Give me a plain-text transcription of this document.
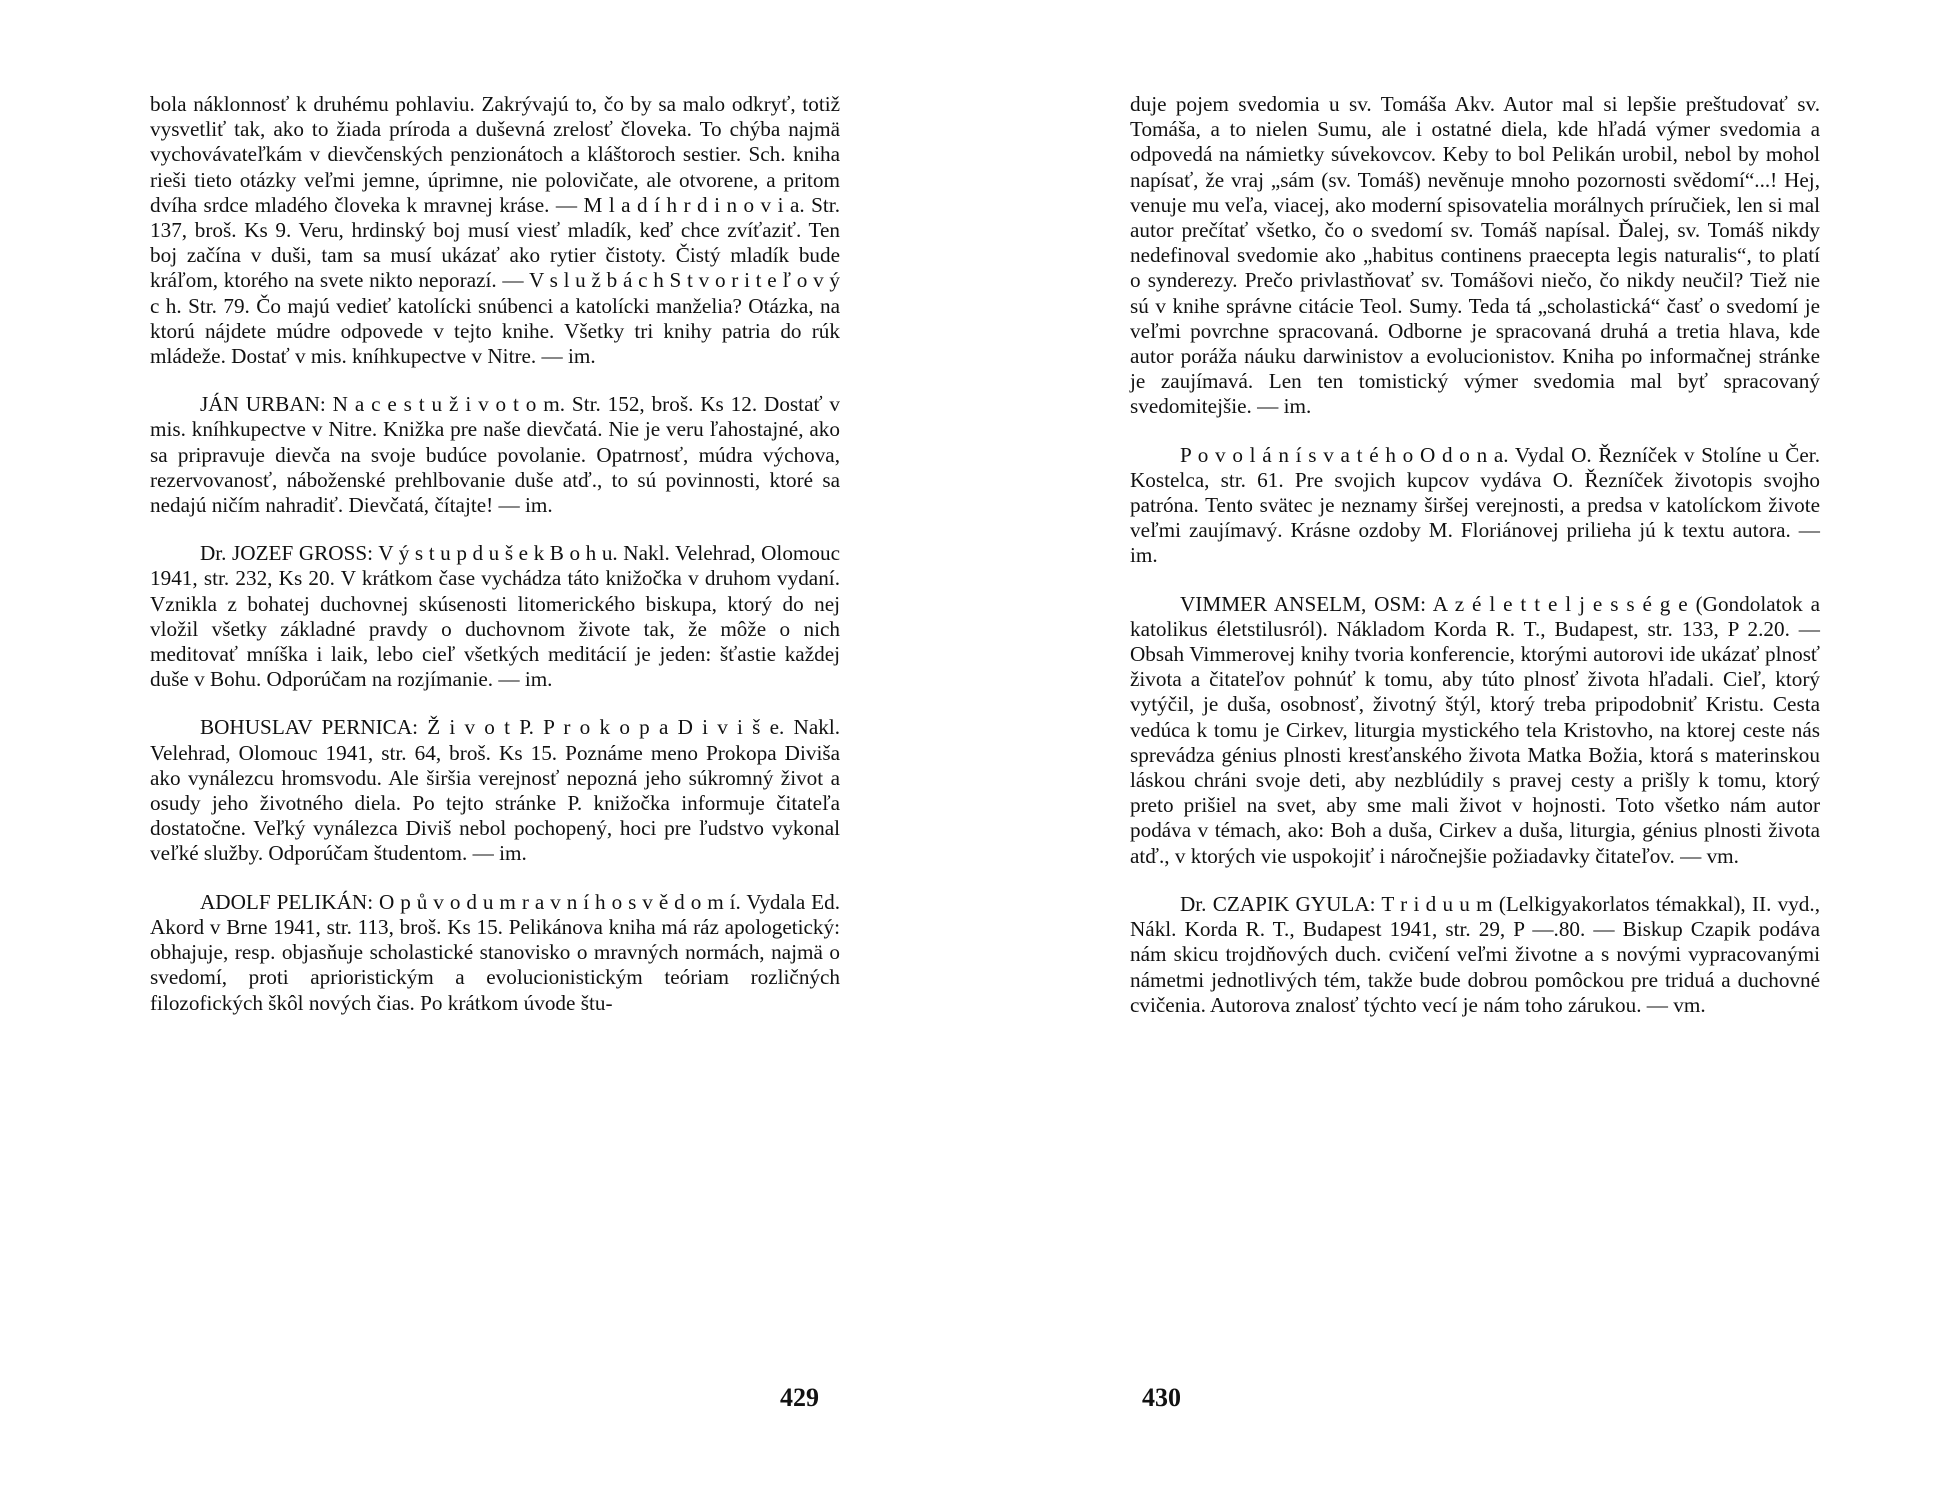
bola náklonnosť k druhému pohlaviu. Zakrývajú to, čo by sa malo odkryť, totiž vysvetliť tak, ako to žiada príroda a duševná zrelosť človeka. To chýba najmä vychovávateľkám v dievčenských penzionátoch a kláštoroch sestier. Sch. kniha rieši tieto otázky veľmi jemne, úprimne, nie polovičate, ale otvorene, a pritom dvíha srdce mladého človeka k mravnej kráse. — M l a d í h r d i n o v i a. Str. 137, broš. Ks 9. Veru, hrdinský boj musí viesť mladík, keď chce zvíťaziť. Ten boj začína v duši, tam sa musí ukázať ako rytier čistoty. Čistý mladík bude kráľom, ktorého na svete nikto neporazí. — V s l u ž b á c h S t v o r i t e ľ o v ý c h. Str. 79. Čo majú vedieť katolícki snúbenci a katolícki manželia? Otázka, na ktorú nájdete múdre odpovede v tejto knihe. Všetky tri knihy patria do rúk mládeže. Dostať v mis. kníhkupectve v Nitre. — im.

JÁN URBAN: N a c e s t u ž i v o t o m. Str. 152, broš. Ks 12. Dostať v mis. kníhkupectve v Nitre. Knižka pre naše dievčatá. Nie je veru ľahostajné, ako sa pripravuje dievča na svoje budúce povolanie. Opatrnosť, múdra výchova, rezervovanosť, náboženské prehlbovanie duše atď., to sú povinnosti, ktoré sa nedajú ničím nahradiť. Dievčatá, čítajte! — im.

Dr. JOZEF GROSS: V ý s t u p d u š e k B o h u. Nakl. Velehrad, Olomouc 1941, str. 232, Ks 20. V krátkom čase vychádza táto knižočka v druhom vydaní. Vznikla z bohatej duchovnej skúsenosti litomerického biskupa, ktorý do nej vložil všetky základné pravdy o duchovnom živote tak, že môže o nich meditovať mníška i laik, lebo cieľ všetkých meditácií je jeden: šťastie každej duše v Bohu. Odporúčam na rozjímanie. — im.

BOHUSLAV PERNICA: Ž i v o t P. P r o k o p a D i v i š e. Nakl. Velehrad, Olomouc 1941, str. 64, broš. Ks 15. Poznáme meno Prokopa Diviša ako vynálezcu hromsvodu. Ale širšia verejnosť nepozná jeho súkromný život a osudy jeho životného diela. Po tejto stránke P. knižočka informuje čitateľa dostatočne. Veľký vynálezca Diviš nebol pochopený, hoci pre ľudstvo vykonal veľké služby. Odporúčam študentom. — im.

ADOLF PELIKÁN: O p ů v o d u m r a v n í h o s v ě d o m í. Vydala Ed. Akord v Brne 1941, str. 113, broš. Ks 15. Pelikánova kniha má ráz apologetický: obhajuje, resp. objasňuje scholastické stanovisko o mravných normách, najmä o svedomí, proti aprioristickým a evolucionistickým teóriam rozličných filozofických škôl nových čias. Po krátkom úvode štu-

duje pojem svedomia u sv. Tomáša Akv. Autor mal si lepšie preštudovať sv. Tomáša, a to nielen Sumu, ale i ostatné diela, kde hľadá výmer svedomia a odpovedá na námietky súvekovcov. Keby to bol Pelikán urobil, nebol by mohol napísať, že vraj „sám (sv. Tomáš) nevěnuje mnoho pozornosti svědomí“...! Hej, venuje mu veľa, viacej, ako moderní spisovatelia morálnych príručiek, len si mal autor prečítať všetko, čo o svedomí sv. Tomáš napísal. Ďalej, sv. Tomáš nikdy nedefinoval svedomie ako „habitus continens praecepta legis naturalis“, to platí o synderezy. Prečo privlastňovať sv. Tomášovi niečo, čo nikdy neučil? Tiež nie sú v knihe správne citácie Teol. Sumy. Teda tá „scholastická“ časť o svedomí je veľmi povrchne spracovaná. Odborne je spracovaná druhá a tretia hlava, kde autor poráža náuku darwinistov a evolucionistov. Kniha po informačnej stránke je zaujímavá. Len ten tomistický výmer svedomia mal byť spracovaný svedomitejšie. — im.

P o v o l á n í s v a t é h o O d o n a. Vydal O. Řezníček v Stolíne u Čer. Kostelca, str. 61. Pre svojich kupcov vydáva O. Řezníček životopis svojho patróna. Tento svätec je neznamy širšej verejnosti, a predsa v katolíckom živote veľmi zaujímavý. Krásne ozdoby M. Floriánovej prilieha jú k textu autora. — im.

VIMMER ANSELM, OSM: A z é l e t t e l j e s s é g e (Gondolatok a katolikus életstilusról). Nákladom Korda R. T., Budapest, str. 133, P 2.20. — Obsah Vimmerovej knihy tvoria konferencie, ktorými autorovi ide ukázať plnosť života a čitateľov pohnúť k tomu, aby túto plnosť života hľadali. Cieľ, ktorý vytýčil, je duša, osobnosť, životný štýl, ktorý treba pripodobniť Kristu. Cesta vedúca k tomu je Cirkev, liturgia mystického tela Kristovho, na ktorej ceste nás sprevádza génius plnosti kresťanského života Matka Božia, ktorá s materinskou láskou chráni svoje deti, aby nezblúdily s pravej cesty a prišly k tomu, ktorý preto prišiel na svet, aby sme mali život v hojnosti. Toto všetko nám autor podáva v témach, ako: Boh a duša, Cirkev a duša, liturgia, génius plnosti života atď., v ktorých vie uspokojiť i náročnejšie požiadavky čitateľov. — vm.

Dr. CZAPIK GYULA: T r i d u u m (Lelkigyakorlatos témakkal), II. vyd., Nákl. Korda R. T., Budapest 1941, str. 29, P —.80. — Biskup Czapik podáva nám skicu trojdňových duch. cvičení veľmi životne a s novými vypracovanými námetmi jednotlivých tém, takže bude dobrou pomôckou pre triduá a duchovné cvičenia. Autorova znalosť týchto vecí je nám toho zárukou. — vm.

429	430
